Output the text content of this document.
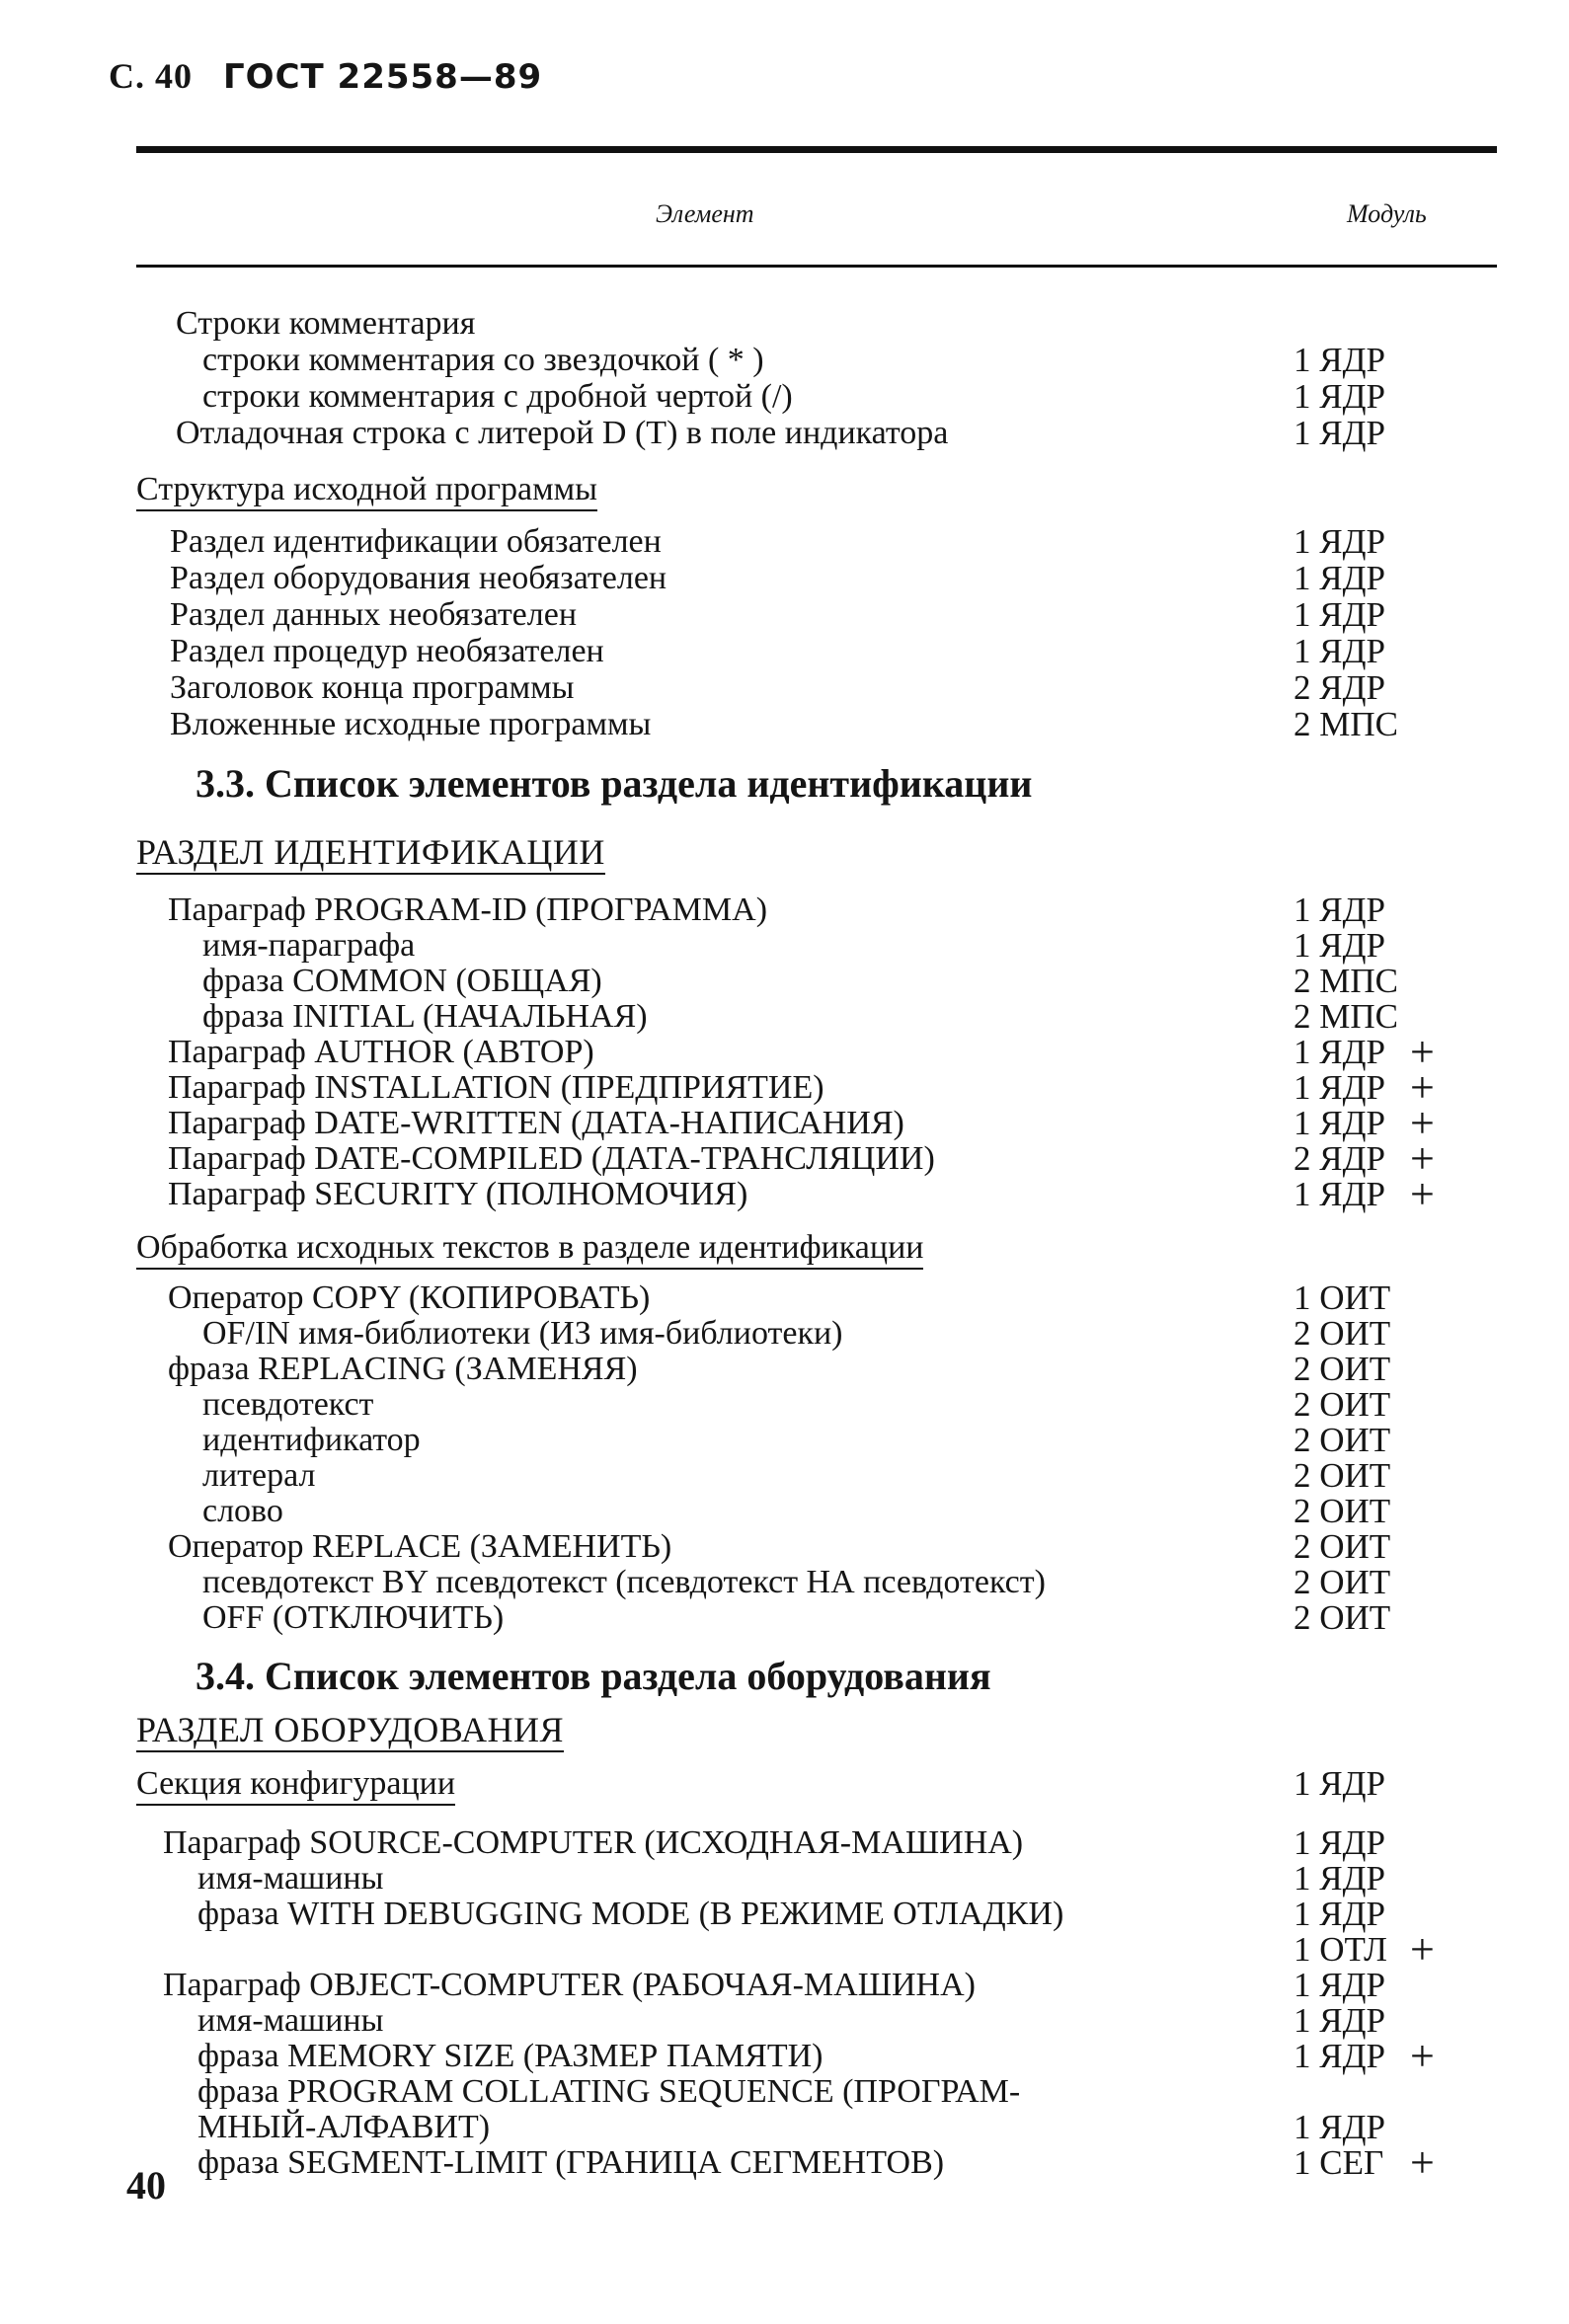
С. 40 ГОСТ 22558—89
Элемент	Модуль
Строки комментария
строки комментария со звездочкой ( * )	1 ЯДР
строки комментария с дробной чертой (/)	1 ЯДР
Отладочная строка с литерой D (T) в поле индикатора	1 ЯДР
Структура исходной программы
Раздел идентификации обязателен	1 ЯДР
Раздел оборудования необязателен	1 ЯДР
Раздел данных необязателен	1 ЯДР
Раздел процедур необязателен	1 ЯДР
Заголовок конца программы	2 ЯДР
Вложенные исходные программы	2 МПС
3.3. Список элементов раздела идентификации
РАЗДЕЛ ИДЕНТИФИКАЦИИ
Параграф PROGRAM-ID (ПРОГРАММА)	1 ЯДР
имя-параграфа	1 ЯДР
фраза COMMON (ОБЩАЯ)	2 МПС
фраза INITIAL (НАЧАЛЬНАЯ)	2 МПС
Параграф AUTHOR (АВТОР)	1 ЯДР +
Параграф INSTALLATION (ПРЕДПРИЯТИЕ)	1 ЯДР +
Параграф DATE-WRITTEN (ДАТА-НАПИСАНИЯ)	1 ЯДР +
Параграф DATE-COMPILED (ДАТА-ТРАНСЛЯЦИИ)	2 ЯДР +
Параграф SECURITY (ПОЛНОМОЧИЯ)	1 ЯДР +
Обработка исходных текстов в разделе идентификации
Оператор COPY (КОПИРОВАТЬ)	1 ОИТ
OF/IN имя-библиотеки (ИЗ имя-библиотеки)	2 ОИТ
фраза REPLACING (ЗАМЕНЯЯ)	2 ОИТ
псевдотекст	2 ОИТ
идентификатор	2 ОИТ
литерал	2 ОИТ
слово	2 ОИТ
Оператор REPLACE (ЗАМЕНИТЬ)	2 ОИТ
псевдотекст BY псевдотекст (псевдотекст НА псевдотекст)	2 ОИТ
OFF (ОТКЛЮЧИТЬ)	2 ОИТ
3.4. Список элементов раздела оборудования
РАЗДЕЛ ОБОРУДОВАНИЯ
Секция конфигурации	1 ЯДР
Параграф SOURCE-COMPUTER (ИСХОДНАЯ-МАШИНА)	1 ЯДР
имя-машины	1 ЯДР
фраза WITH DEBUGGING MODE (В РЕЖИМЕ ОТЛАДКИ)	1 ЯДР
1 ОТЛ +
Параграф OBJECT-COMPUTER (РАБОЧАЯ-МАШИНА)	1 ЯДР
имя-машины	1 ЯДР
фраза MEMORY SIZE (РАЗМЕР ПАМЯТИ)	1 ЯДР +
фраза PROGRAM COLLATING SEQUENCE (ПРОГРАМ-
МНЫЙ-АЛФАВИТ)	1 ЯДР
фраза SEGMENT-LIMIT (ГРАНИЦА СЕГМЕНТОВ)	1 СЕГ +
40
